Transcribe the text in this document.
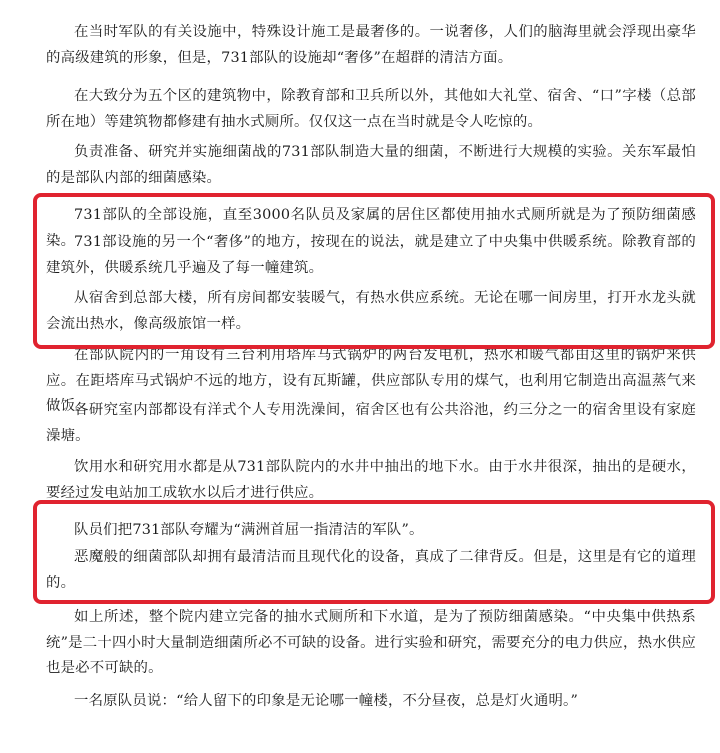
在当时军队的有关设施中，特殊设计施工是最奢侈的。一说奢侈，人们的脑海里就会浮现出豪华的高级建筑的形象，但是，731部队的设施却“奢侈”在超群的清洁方面。

在大致分为五个区的建筑物中，除教育部和卫兵所以外，其他如大礼堂、宿舍、“口”字楼（总部所在地）等建筑物都修建有抽水式厕所。仅仅这一点在当时就是令人吃惊的。

负责准备、研究并实施细菌战的731部队制造大量的细菌，不断进行大规模的实验。关东军最怕的是部队内部的细菌感染。

731部队的全部设施，直至3000名队员及家属的居住区都使用抽水式厕所就是为了预防细菌感染。

731部设施的另一个“奢侈”的地方，按现在的说法，就是建立了中央集中供暖系统。除教育部的建筑外，供暖系统几乎遍及了每一幢建筑。

从宿舍到总部大楼，所有房间都安装暖气，有热水供应系统。无论在哪一间房里，打开水龙头就会流出热水，像高级旅馆一样。

在部队院内的一角设有三台利用塔库马式锅炉的两台发电机，热水和暖气都由这里的锅炉来供应。在距塔库马式锅炉不远的地方，设有瓦斯罐，供应部队专用的煤气，也利用它制造出高温蒸气来做饭。

各研究室内部都设有洋式个人专用洗澡间，宿舍区也有公共浴池，约三分之一的宿舍里设有家庭澡塘。

饮用水和研究用水都是从731部队院内的水井中抽出的地下水。由于水井很深，抽出的是硬水，要经过发电站加工成软水以后才进行供应。

队员们把731部队夸耀为“满洲首屈一指清洁的军队”。

恶魔般的细菌部队却拥有最清洁而且现代化的设备，真成了二律背反。但是，这里是有它的道理的。

如上所述，整个院内建立完备的抽水式厕所和下水道，是为了预防细菌感染。“中央集中供热系统”是二十四小时大量制造细菌所必不可缺的设备。进行实验和研究，需要充分的电力供应，热水供应也是必不可缺的。

一名原队员说：“给人留下的印象是无论哪一幢楼，不分昼夜，总是灯火通明。”
